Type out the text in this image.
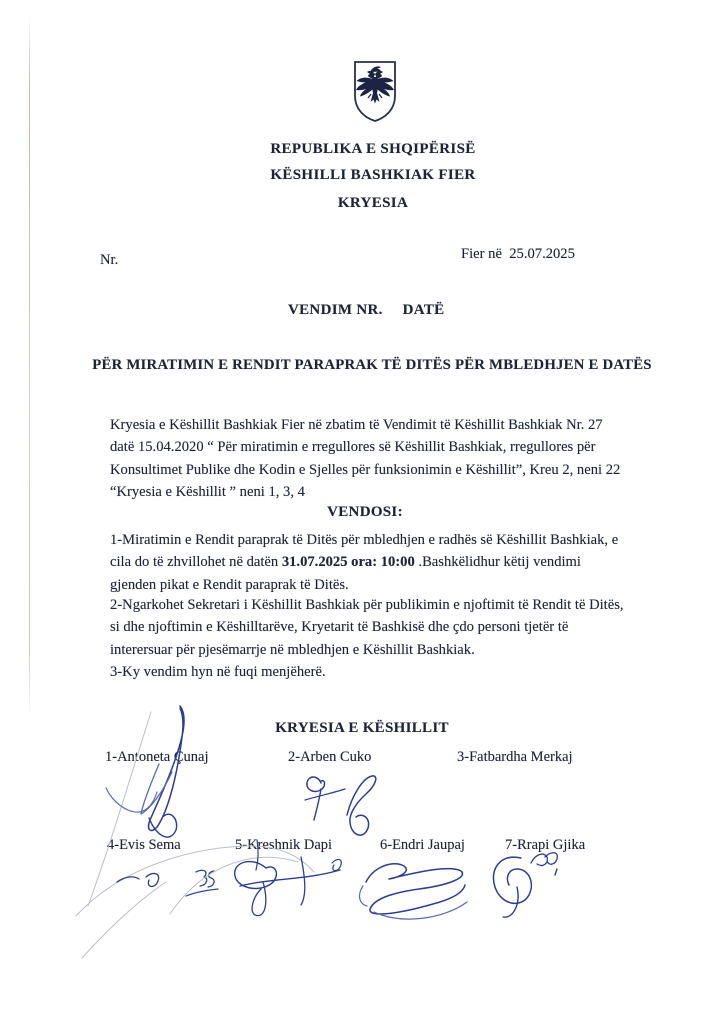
REPUBLIKA E SHQIPËRISË
KËSHILLI BASHKIAK FIER
KRYESIA
Nr.	Fier në  25.07.2025
VENDIM NR. DATË
PËR MIRATIMIN E RENDIT PARAPRAK TË DITËS PËR MBLEDHJEN E DATËS

Kryesia e Këshillit Bashkiak Fier në zbatim të Vendimit të Këshillit Bashkiak Nr. 27 datë 15.04.2020 “ Për miratimin e rregullores së Këshillit Bashkiak, rregullores për Konsultimet Publike dhe Kodin e Sjelles për funksionimin e Këshillit”, Kreu 2, neni 22 “Kryesia e Këshillit ” neni 1, 3, 4

VENDOSI:

1-Miratimin e Rendit paraprak të Ditës për mbledhjen e radhës së Këshillit Bashkiak, e cila do të zhvillohet në datën 31.07.2025 ora: 10:00 .Bashkëlidhur këtij vendimi gjenden pikat e Rendit paraprak të Ditës.

2-Ngarkohet Sekretari i Këshillit Bashkiak për publikimin e njoftimit të Rendit të Ditës, si dhe njoftimin e Këshilltarëve, Kryetarit të Bashkisë dhe çdo personi tjetër të interersuar për pjesëmarrje në mbledhjen e Këshillit Bashkiak.

3-Ky vendim hyn në fuqi menjëherë.

KRYESIA E KËSHILLIT
1-Antoneta Çunaj	2-Arben Cuko	3-Fatbardha Merkaj
4-Evis Sema	5-Kreshnik Dapi	6-Endri Jaupaj	7-Rrapi Gjika
